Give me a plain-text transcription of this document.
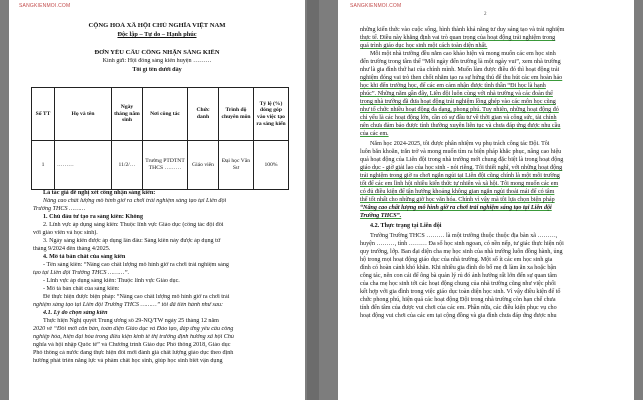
SANGKIENMOI.COM
CỘNG HOÀ XÃ HỘI CHỦ NGHĨA VIỆT NAM
Độc lập – Tự do – Hạnh phúc
ĐƠN YÊU CẦU CÔNG NHẬN SÁNG KIẾN
Kính gửi: Hội đồng sáng kiến huyện ………
Tôi gì tên dưới đây
Số TT	Họ và tên	Ngày tháng năm sinh	Nơi công tác	Chức danh	Trình độ chuyên môn	Tỷ lệ (%) đóng góp vào việc tạo ra sáng kiến
1	………	11/2/…	Trường PTDTNT THCS ………	Giáo viên	Đại học Văn Sư	100%
Là tác giả đề nghị xét công nhận sáng kiến:
Nâng cao chất lượng mô hình giờ ra chơi trải nghiệm sáng tạo tại Liên đội
Trường THCS ………
1. Chủ đầu tư tạo ra sáng kiến: Không
2. Lĩnh vực áp dụng sáng kiến: Thuộc lĩnh vực Giáo dục (công tác đội đối
với giáo viên và học sinh).
3. Ngày sáng kiến được áp dụng lần đầu: Sáng kiến này được áp dụng từ
tháng 9/2024 đến tháng 4/2025.
4. Mô tả bản chất của sáng kiến
- Tên sáng kiến: “Nâng cao chất lượng mô hình giờ ra chơi trải nghiệm sáng
tạo tại Liên đội Trường THCS ………”.
- Lĩnh vực áp dụng sáng kiến: Thuộc lĩnh vực Giáo dục.
- Mô tả bản chất của sáng kiến:
Để thực hiện được biện pháp: “Nâng cao chất lượng mô hình giờ ra chơi trải
nghiệm sáng tạo tại Liên đội Trường THCS ………” tôi đã tiến hành như sau:
4.1. Lý do chọn sáng kiến
Thực hiện Nghị quyết Trung ương số 29-NQ/TW ngày 25 tháng 12 năm
2020 về “Đổi mới căn bản, toàn diện Giáo dục và Đào tạo, đáp ứng yêu cầu công
nghiệp hóa, hiện đại hóa trong điều kiện kinh tế thị trường định hướng xã hội Chủ
nghĩa và hội nhập Quốc tế” và Chương trình Giáo dục Phổ thông 2018, Giáo dục
Phổ thông cả nước đang thực hiện đổi mới đánh giá chất lượng giáo dục theo định
hướng phát triển năng lực và phẩm chất học sinh, giúp học sinh biết vận dụng
SANGKIENMOI.COM
2
những kiến thức vào cuộc sống, hình thành khả năng tư duy sáng tạo và trải nghiệm
thực tế. Điều này khẳng định vai trò quan trọng của hoạt động trải nghiệm trong
quá trình giáo dục học sinh một cách toàn diện nhất.
Mỗi một nhà trường đều nằm cao khảo hiện và mong muốn các em học sinh
đến trường trong tâm thế “Mỗi ngày đến trường là một ngày vui”, xem nhà trường
như là gia đình thứ hai của chính mình. Muốn làm được điều đó thì hoạt động trải
nghiệm đóng vai trò then chốt nhằm tạo ra sự hứng thú để thu hút các em hoàn hảo
học khi đến trường học, để các em cảm nhận được tình thần “Đi học là hạnh
phúc”. Những năm gần đây, Liên đội luôn cùng với nhà trường và các đoàn thể
trong nhà trường đã đưa hoạt động trải nghiệm lồng ghép vào các môn học cũng
như tổ chức nhiều hoạt động đa dạng, phong phú. Tuy nhiên, những hoạt động đó
chỉ yếu là các hoạt động lớn, cần có sự đầu tư về thời gian và công sức, tài chính
nên chưa đảm bảo được tính thường xuyên liên tục và chưa đáp ứng được nhu cầu
của các em.
Năm học 2024-2025, tôi được phân nhiệm vụ phụ trách công tác Đội. Tôi
luôn băn khoăn, trăn trở và mong muốn tìm ra biện pháp khắc phục, nâng cao hiệu
quả hoạt động của Liên đội trong nhà trường mới chung đặc biệt là trong hoạt động
giáo dục - giờ giải lao của học sinh - nói riêng. Tôi thiết nghĩ, với những hoạt động
trải nghiệm trong giờ ra chơi ngắn ngủi tại Liên đội cũng chính là một môi trường
tốt để các em lĩnh hội nhiều kiến thức tự nhiên và xã hội. Tôi mong muốn các em
có đủ điều kiện để tận hưởng khoảng không gian ngắn ngủi thoải mái để có tâm
thế tốt nhất cho những giờ học văn hóa. Chính vì vậy mà tôi lựa chọn biện pháp
“Nâng cao chất lượng mô hình giờ ra chơi trải nghiệm sáng tạo tại Liên đội
Trường THCS”.
4.2. Thực trạng tại Liên đội
Trường Trường THCS ……… là một trường thuộc thuộc địa bàn xã ………,
huyện ………, tỉnh ……… Đa số học sinh ngoan, có nền nếp, tư giác thực hiện nội
quy trường, lớp. Ban đại diện cha mẹ học sinh của nhà trường luôn đồng hành, ủng
hộ trong mọi hoạt động giáo dục của nhà trường. Một số ít các em học sinh gia
đình có hoàn cảnh khó khăn. Khi nhiều gia đình do bố mẹ đi làm ăn xa hoặc bận
công tác, nên con cái để ông bà quản lý rủ đó ảnh hưởng rất lớn đến sự quan tâm
của cha mẹ học sinh tới các hoạt động chung của nhà trường cũng như việc phối
kết hợp với gia đình trong việc giáo dục toàn diện học sinh. Vì vậy điều kiện để tổ
chức phong phú, hiện quả các hoạt động Đội trong nhà trường còn hạn chế chưa
tính đến tâm của được vui chơi của các em. Phần nữa, các điều kiện phục vụ cho
hoạt động vui chơi của các em tại cộng đồng và gia đình chưa đáp ứng được nhu
